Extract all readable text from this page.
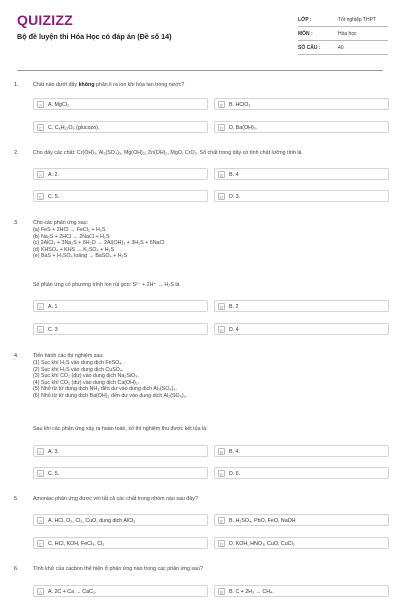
QUIZIZZ
Bộ đề luyện thi Hóa Học có đáp án (Đề số 14)
LỚP :	Tốt nghiệp THPT
MÔN :	Hóa học
SỐ CÂU :	40
1.	Chất nào dưới đây không phân li ra ion khi hòa tan trong nước?
A	A. MgCl₂	B	B. HClO₃
C	C. C₆H₁₂O₆ (glucozo).	D	D. Ba(OH)₂.
2.	Cho dãy các chất: Cr(OH)₃, Al₂(SO₄)₃, Mg(OH)₂, Zn(OH)₂, MgO, CrO₃. Số chất trong dãy có tính chất lưỡng tính là
A	A. 2.	B	B. 4
C	C. 5.	D	D. 3.
3.	Cho các phản ứng sau:
(a) FeS + 2HCl → FeCl₂ + H₂S
(b) Na₂S + 2HCl → 2NaCl + H₂S
(c) 2AlCl₃ + 3Na₂S + 6H₂O → 2Al(OH)₃ + 3H₂S + 6NaCl
(d) KHSO₄ + KHS → K₂SO₄ + H₂S
(e) BaS + H₂SO₄ loãng → BaSO₄ + H₂S
Số phản ứng có phương trình ion rút gọn: S²⁻ + 2H⁺ → H₂S là
A	A. 1	B	B. 2
C	C. 3	D	D. 4
4.	Tiến hành các thí nghiệm sau:
(1) Sục khí H₂S vào dung dịch FeSO₄.
(2) Sục khí H₂S vào dung dịch CuSO₄.
(3) Sục khí CO₂ (dư) vào dung dịch Na₂SiO₃.
(4) Sục khí CO₂ (dư) vào dung dịch Ca(OH)₂.
(5) Nhỏ từ từ dung dịch NH₃ đến dư vào dung dịch Al₂(SO₄)₃.
(6) Nhỏ từ từ dung dịch Ba(OH)₂ đến dư vào dung dịch Al₂(SO₄)₃.
Sau khi các phản ứng xảy ra hoàn toàn, số thí nghiệm thu được kết tủa là:
A	A. 3.	B	B. 4.
C	C. 5.	D	D. 6.
5.	Amoniac phản ứng được với tất cả các chất trong nhóm nào sau đây?
A	A. HCl, O₂, Cl₂, CuO, dung dịch AlCl₃	B	B. H₂SO₄, PbO, FeO, NaOH
C	C. HCl, KOH, FeCl₃, Cl₂	D	D. KOH, HNO₃, CuO, CuCl₂
6.	Tính khử của cacbon thể hiện ở phản ứng nào trong các phản ứng sau?
A	A. 2C + Ca → CaC₂.	B	B. C + 2H₂ → CH₄.
